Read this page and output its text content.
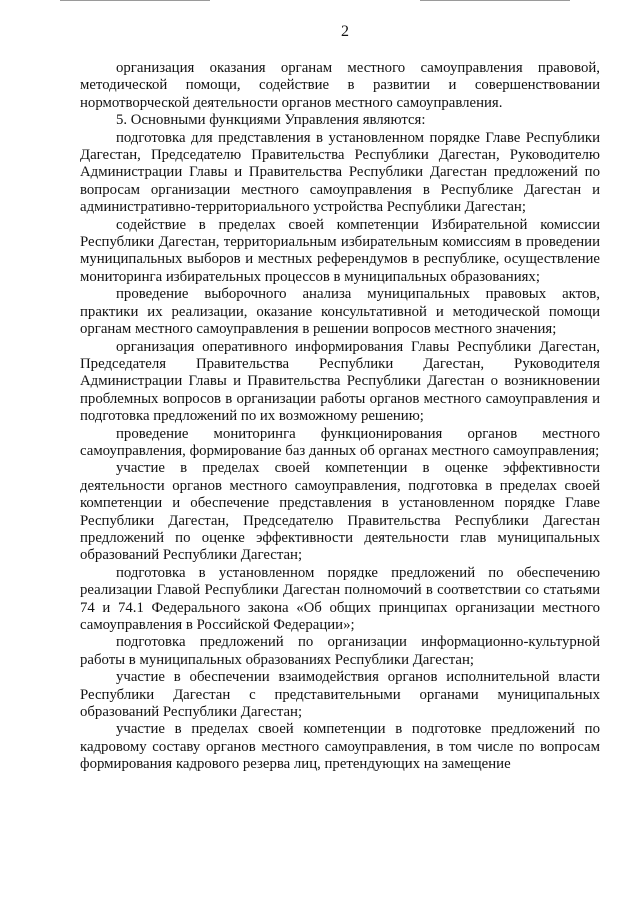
2

организация оказания органам местного самоуправления правовой, методической помощи, содействие в развитии и совершенствовании нормотворческой деятельности органов местного самоуправления.

5. Основными функциями Управления являются:

подготовка для представления в установленном порядке Главе Республики Дагестан, Председателю Правительства Республики Дагестан, Руководителю Администрации Главы и Правительства Республики Дагестан предложений по вопросам организации местного самоуправления в Республике Дагестан и административно-территориального устройства Республики Дагестан;

содействие в пределах своей компетенции Избирательной комиссии Республики Дагестан, территориальным избирательным комиссиям в проведении муниципальных выборов и местных референдумов в республике, осуществление мониторинга избирательных процессов в муниципальных образованиях;

проведение выборочного анализа муниципальных правовых актов, практики их реализации, оказание консультативной и методической помощи органам местного самоуправления в решении вопросов местного значения;

организация оперативного информирования Главы Республики Дагестан, Председателя Правительства Республики Дагестан, Руководителя Администрации Главы и Правительства Республики Дагестан о возникновении проблемных вопросов в организации работы органов местного самоуправления и подготовка предложений по их возможному решению;

проведение мониторинга функционирования органов местного самоуправления, формирование баз данных об органах местного самоуправления;

участие в пределах своей компетенции в оценке эффективности деятельности органов местного самоуправления, подготовка в пределах своей компетенции и обеспечение представления в установленном порядке Главе Республики Дагестан, Председателю Правительства Республики Дагестан предложений по оценке эффективности деятельности глав муниципальных образований Республики Дагестан;

подготовка в установленном порядке предложений по обеспечению реализации Главой Республики Дагестан полномочий в соответствии со статьями 74 и 74.1 Федерального закона «Об общих принципах организации местного самоуправления в Российской Федерации»;

подготовка предложений по организации информационно-культурной работы в муниципальных образованиях Республики Дагестан;

участие в обеспечении взаимодействия органов исполнительной власти Республики Дагестан с представительными органами муниципальных образований Республики Дагестан;

участие в пределах своей компетенции в подготовке предложений по кадровому составу органов местного самоуправления, в том числе по вопросам формирования кадрового резерва лиц, претендующих на замещение
